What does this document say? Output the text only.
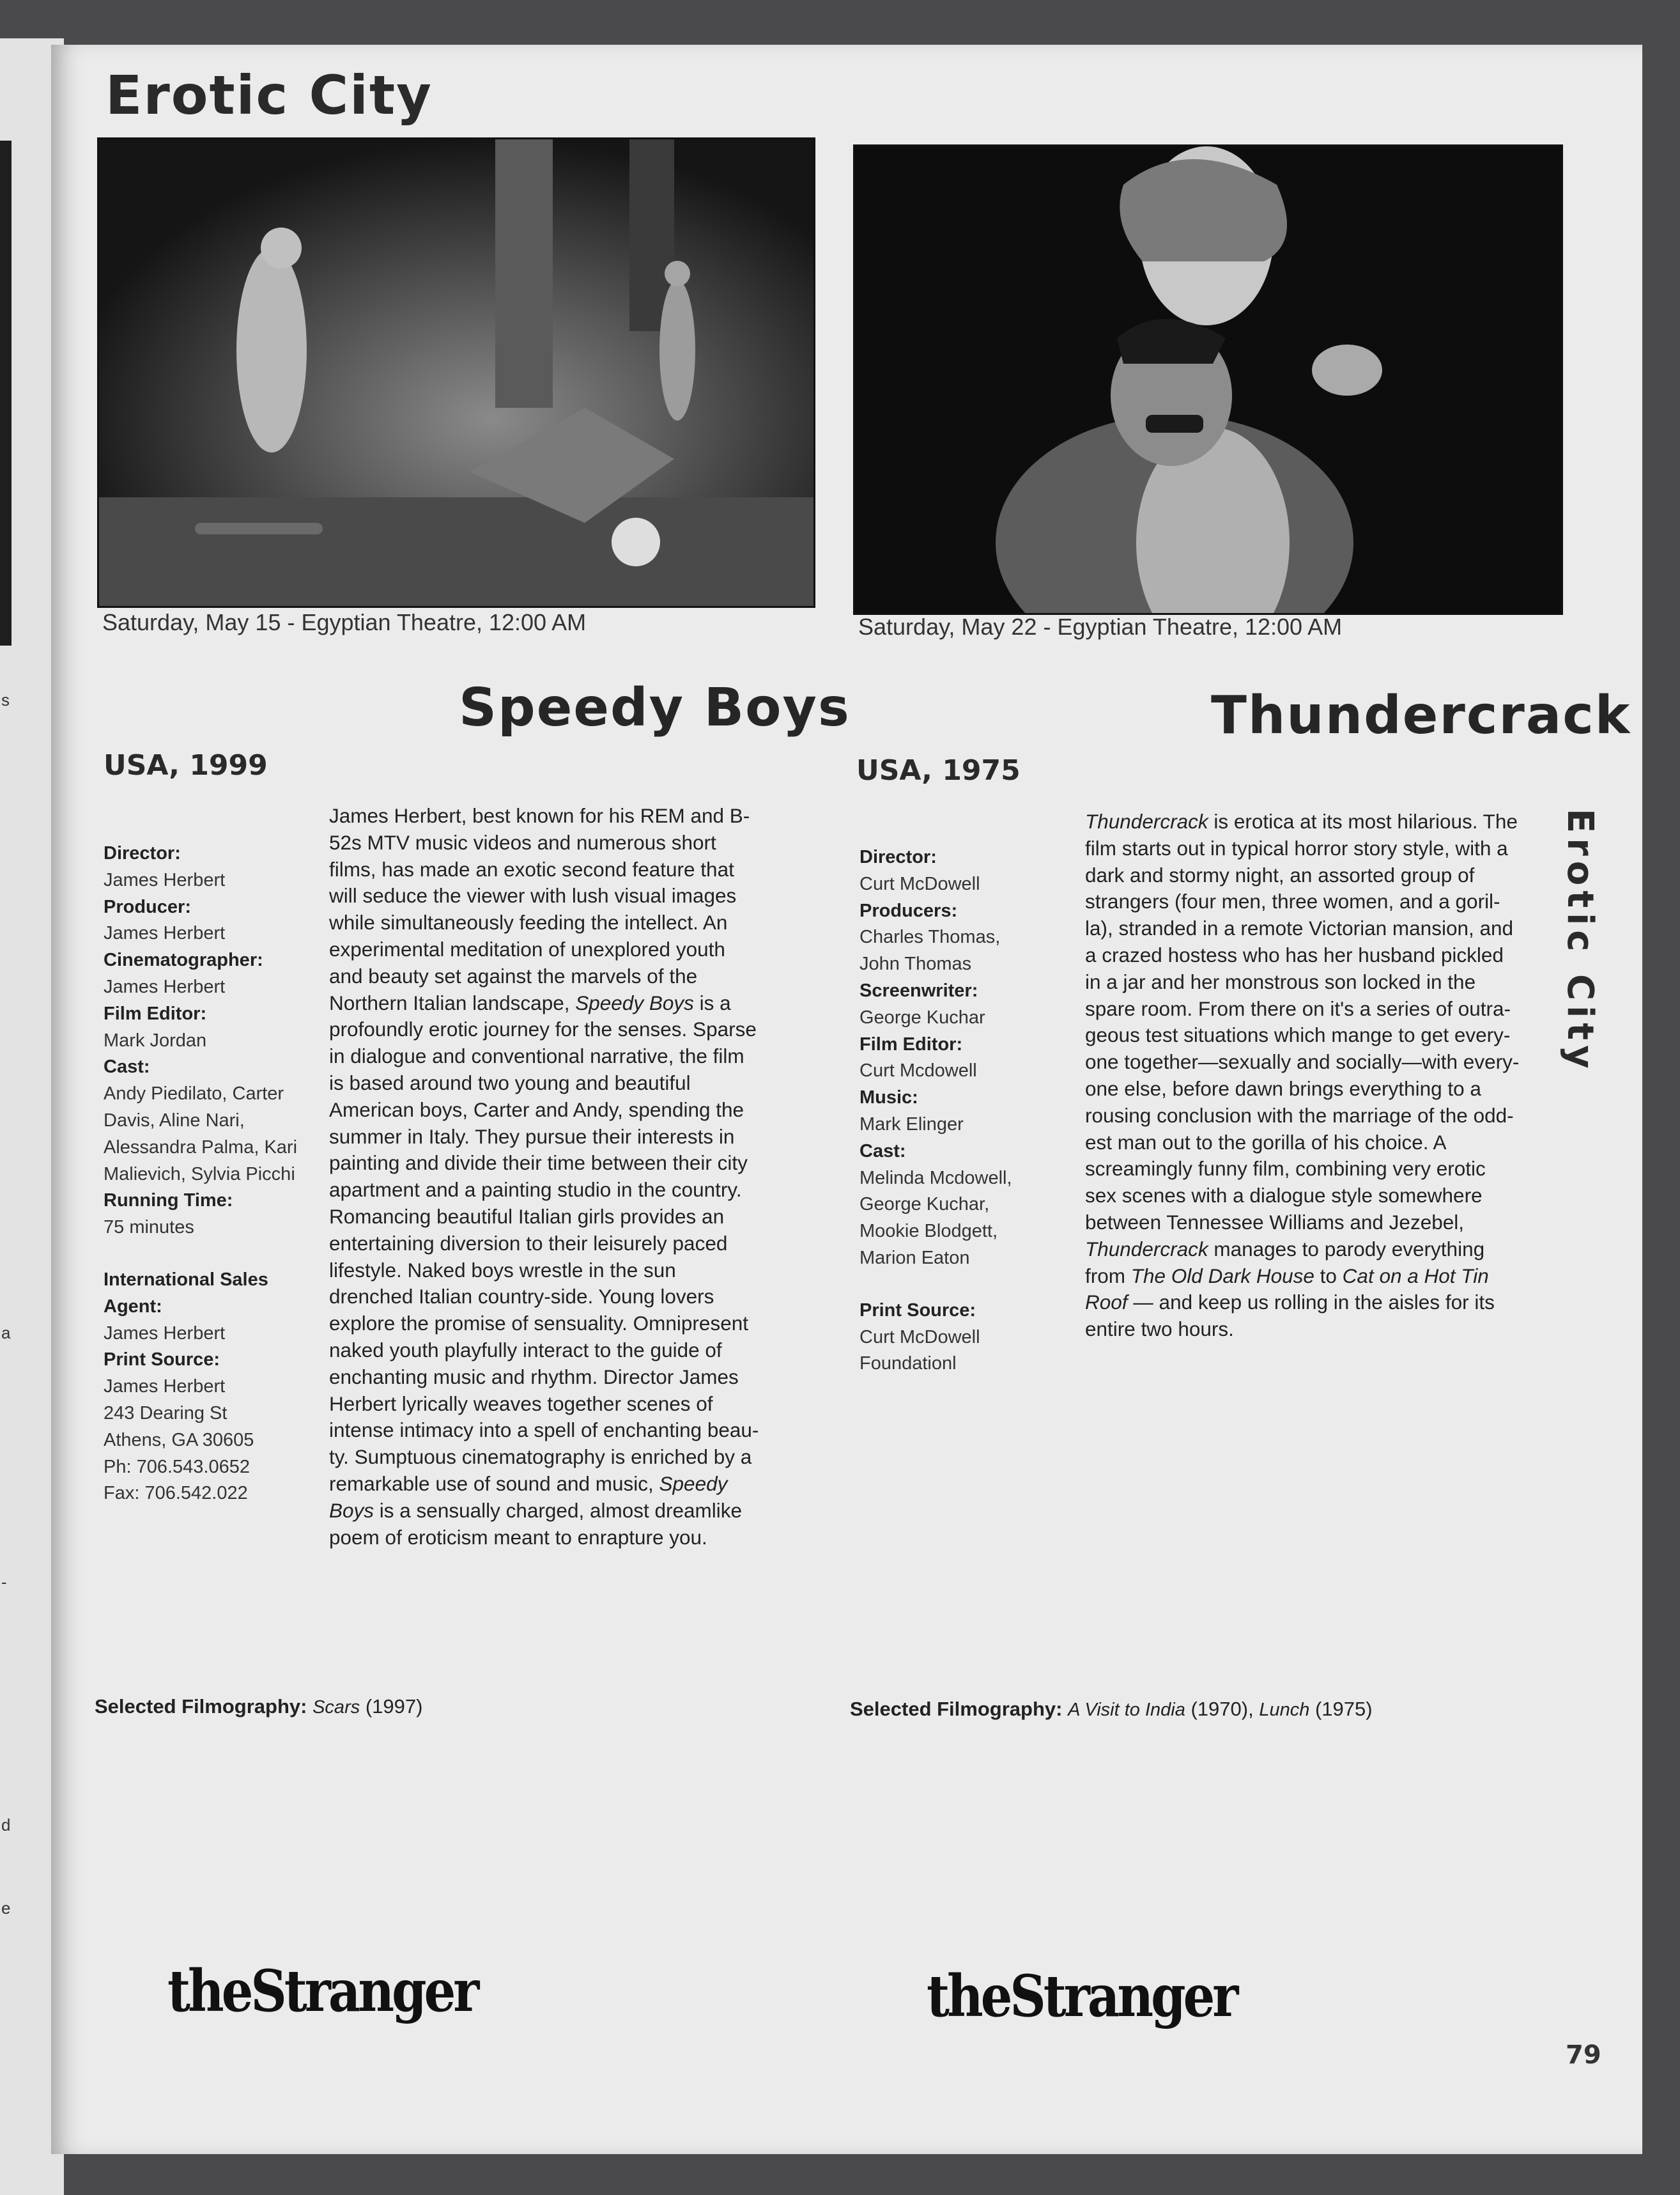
s
a
-
d
e
Erotic City
Saturday, May 15 - Egyptian Theatre, 12:00 AM	Saturday, May 22 - Egyptian Theatre, 12:00 AM
Speedy Boys	Thundercrack
USA, 1999	USA, 1975
Director:
James Herbert
Producer:
James Herbert
Cinematographer:
James Herbert
Film Editor:
Mark Jordan
Cast:
Andy Piedilato, Carter
Davis, Aline Nari,
Alessandra Palma, Kari
Malievich, Sylvia Picchi
Running Time:
75 minutes
International Sales
Agent:
James Herbert
Print Source:
James Herbert
243 Dearing St
Athens, GA 30605
Ph: 706.543.0652
Fax: 706.542.022
Director:
Curt McDowell
Producers:
Charles Thomas,
John Thomas
Screenwriter:
George Kuchar
Film Editor:
Curt Mcdowell
Music:
Mark Elinger
Cast:
Melinda Mcdowell,
George Kuchar,
Mookie Blodgett,
Marion Eaton
Print Source:
Curt McDowell
Foundationl
James Herbert, best known for his REM and B-
52s MTV music videos and numerous short
films, has made an exotic second feature that
will seduce the viewer with lush visual images
while simultaneously feeding the intellect. An
experimental meditation of unexplored youth
and beauty set against the marvels of the
Northern Italian landscape, Speedy Boys is a
profoundly erotic journey for the senses. Sparse
in dialogue and conventional narrative, the film
is based around two young and beautiful
American boys, Carter and Andy, spending the
summer in Italy. They pursue their interests in
painting and divide their time between their city
apartment and a painting studio in the country.
Romancing beautiful Italian girls provides an
entertaining diversion to their leisurely paced
lifestyle. Naked boys wrestle in the sun
drenched Italian country-side. Young lovers
explore the promise of sensuality. Omnipresent
naked youth playfully interact to the guide of
enchanting music and rhythm. Director James
Herbert lyrically weaves together scenes of
intense intimacy into a spell of enchanting beau-
ty. Sumptuous cinematography is enriched by a
remarkable use of sound and music, Speedy
Boys is a sensually charged, almost dreamlike
poem of eroticism meant to enrapture you.
Thundercrack is erotica at its most hilarious. The
film starts out in typical horror story style, with a
dark and stormy night, an assorted group of
strangers (four men, three women, and a goril-
la), stranded in a remote Victorian mansion, and
a crazed hostess who has her husband pickled
in a jar and her monstrous son locked in the
spare room. From there on it's a series of outra-
geous test situations which mange to get every-
one together—sexually and socially—with every-
one else, before dawn brings everything to a
rousing conclusion with the marriage of the odd-
est man out to the gorilla of his choice. A
screamingly funny film, combining very erotic
sex scenes with a dialogue style somewhere
between Tennessee Williams and Jezebel,
Thundercrack manages to parody everything
from The Old Dark House to Cat on a Hot Tin
Roof — and keep us rolling in the aisles for its
entire two hours.
Selected Filmography: Scars (1997)	Selected Filmography: A Visit to India (1970), Lunch (1975)
theStranger	theStranger
Erotic City
79
